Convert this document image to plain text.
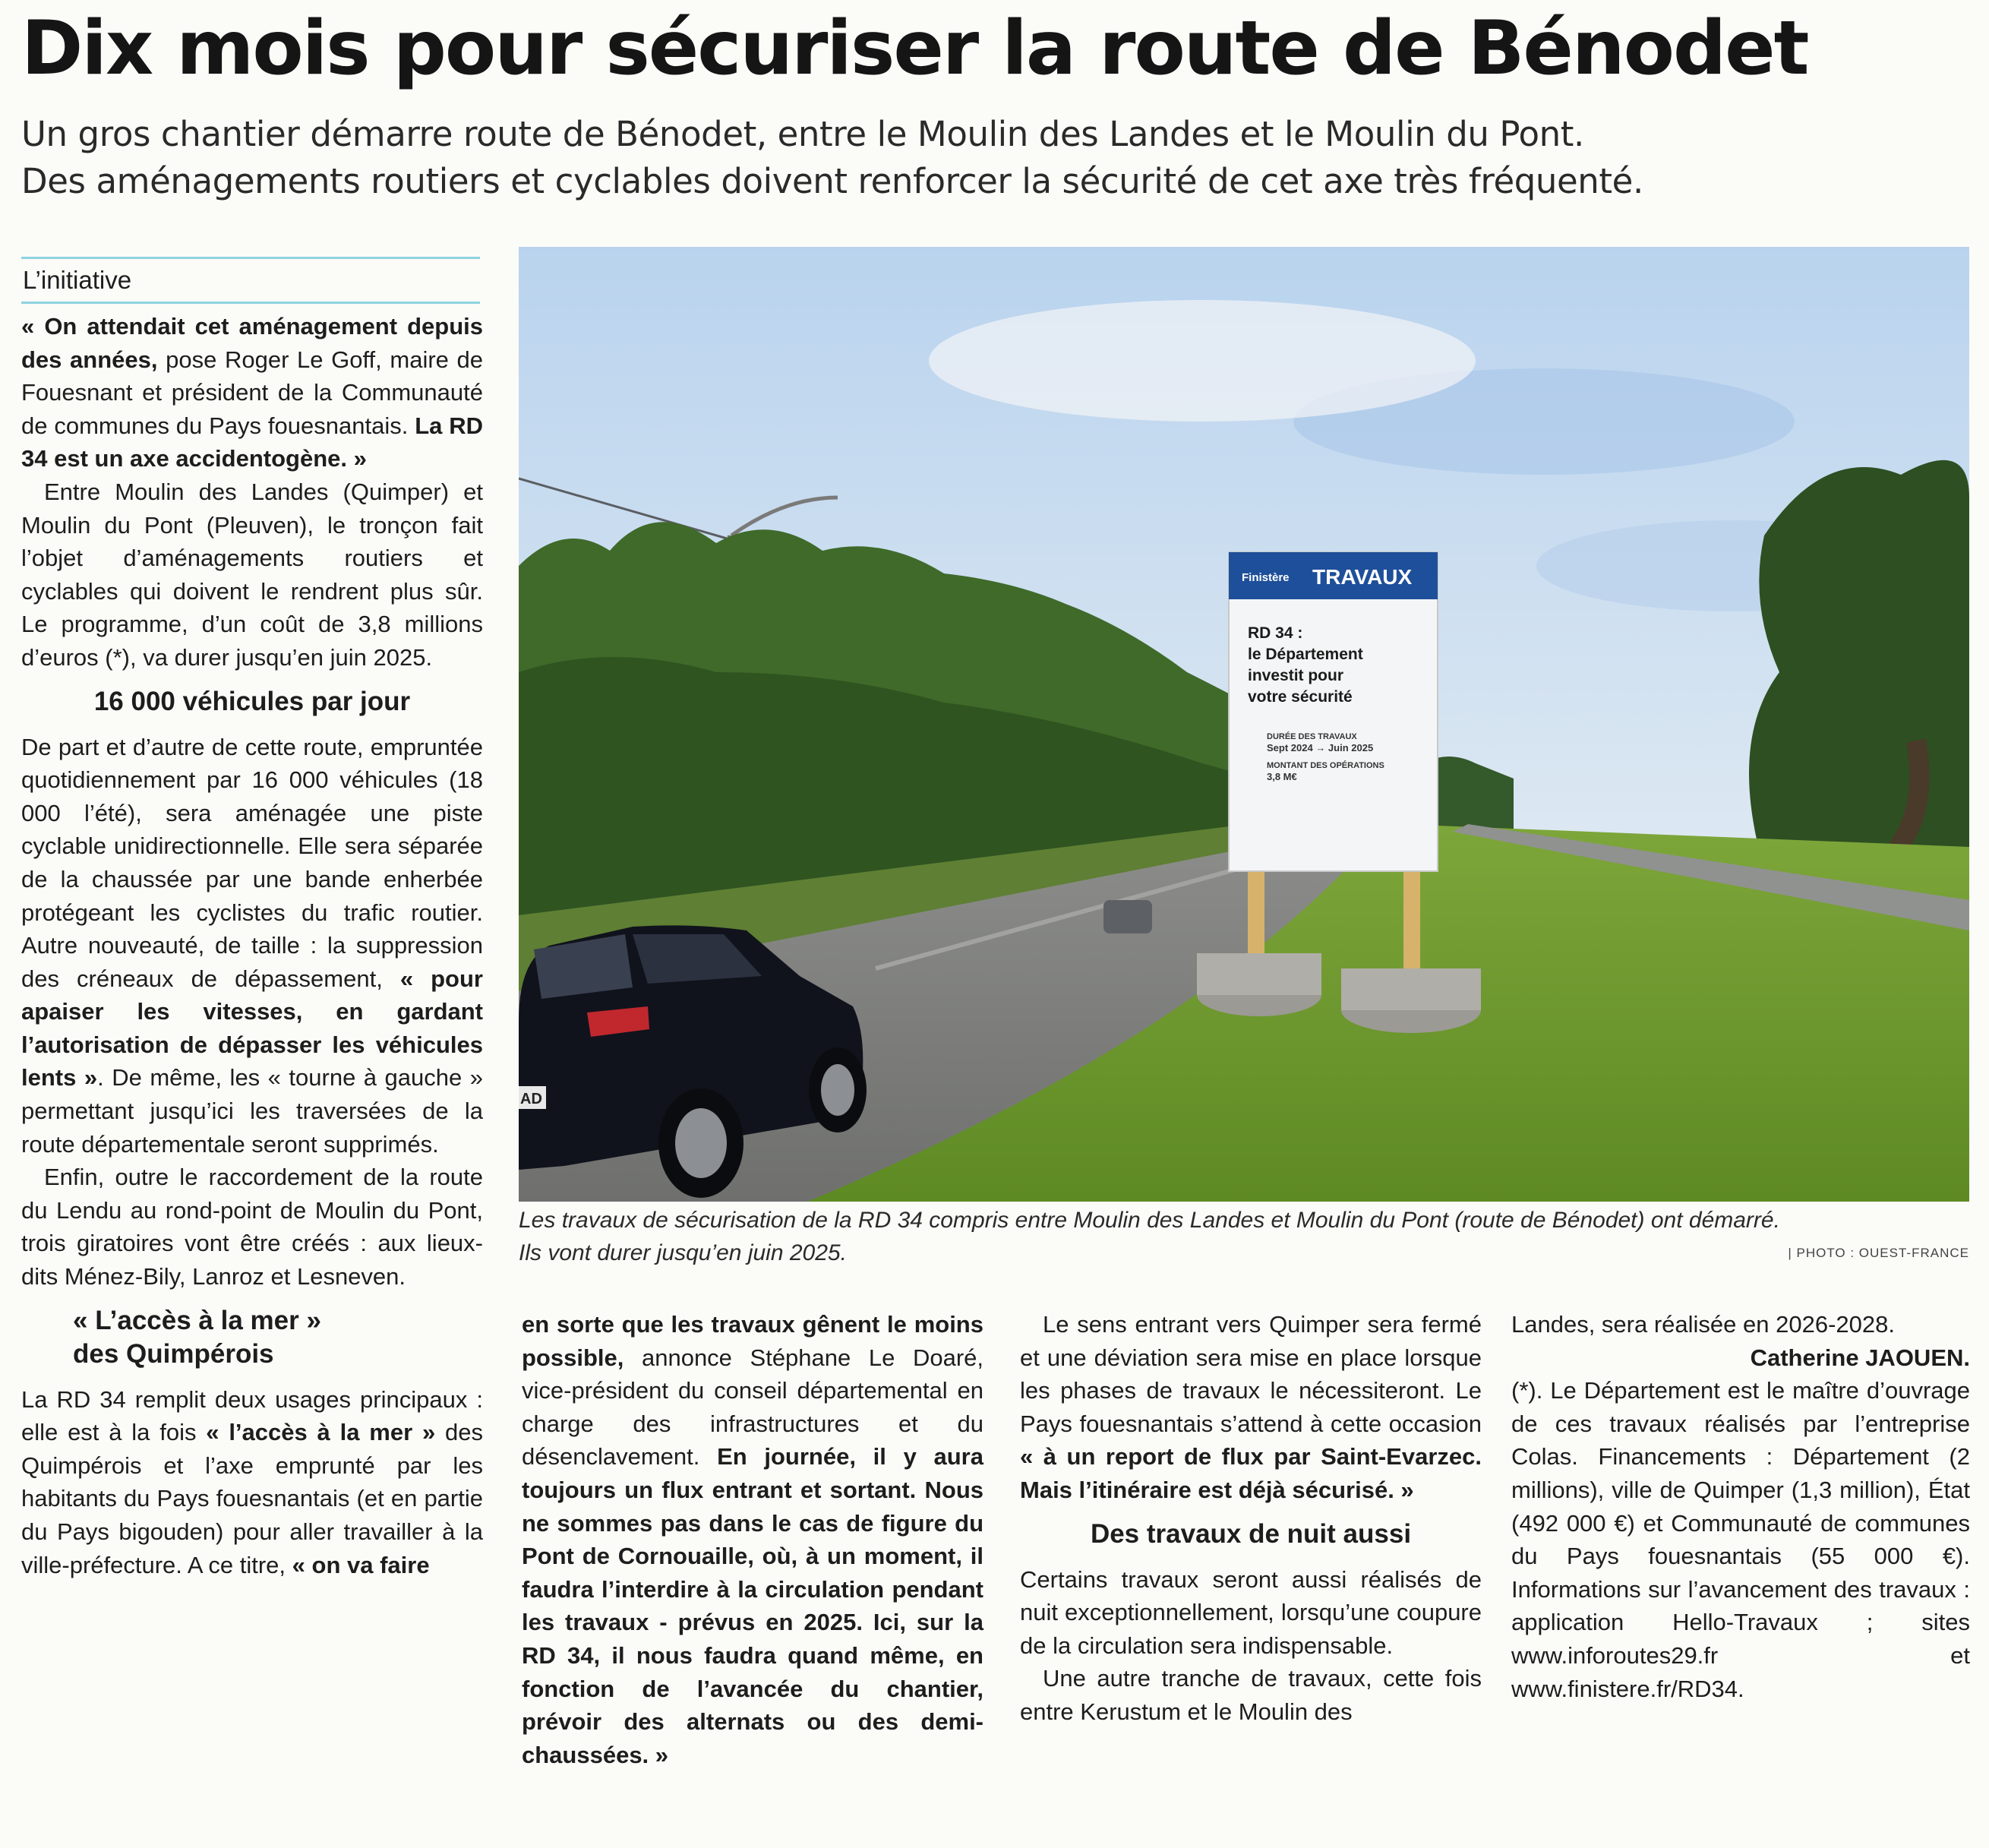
Dix mois pour sécuriser la route de Bénodet
Un gros chantier démarre route de Bénodet, entre le Moulin des Landes et le Moulin du Pont.
Des aménagements routiers et cyclables doivent renforcer la sécurité de cet axe très fréquenté.
L’initiative

« On attendait cet aménagement depuis des années, pose Roger Le Goff, maire de Fouesnant et président de la Communauté de communes du Pays fouesnantais. La RD 34 est un axe accidentogène. »

Entre Moulin des Landes (Quimper) et Moulin du Pont (Pleuven), le tronçon fait l’objet d’aménagements routiers et cyclables qui doivent le rendrent plus sûr. Le programme, d’un coût de 3,8 millions d’euros (*), va durer jusqu’en juin 2025.

16 000 véhicules par jour

De part et d’autre de cette route, empruntée quotidiennement par 16 000 véhicules (18 000 l’été), sera aménagée une piste cyclable unidirectionnelle. Elle sera séparée de la chaussée par une bande enherbée protégeant les cyclistes du trafic routier. Autre nouveauté, de taille : la suppression des créneaux de dépassement, « pour apaiser les vitesses, en gardant l’autorisation de dépasser les véhicules lents ». De même, les « tourne à gauche » permettant jusqu’ici les traversées de la route départementale seront supprimés.

Enfin, outre le raccordement de la route du Lendu au rond-point de Moulin du Pont, trois giratoires vont être créés : aux lieux-dits Ménez-Bily, Lanroz et Lesneven.

« L’accès à la mer »
des Quimpérois

La RD 34 remplit deux usages principaux : elle est à la fois « l’accès à la mer » des Quimpérois et l’axe emprunté par les habitants du Pays fouesnantais (et en partie du Pays bigouden) pour aller travailler à la ville-préfecture. A ce titre, « on va faire

AD
Finistère TRAVAUX
RD 34 :
le Département
investit pour
votre sécurité
DURÉE DES TRAVAUX
Sept 2024 → Juin 2025
MONTANT DES OPÉRATIONS
3,8 M€
Les travaux de sécurisation de la RD 34 compris entre Moulin des Landes et Moulin du Pont (route de Bénodet) ont démarré.
Ils vont durer jusqu’en juin 2025.	| PHOTO : OUEST-FRANCE

en sorte que les travaux gênent le moins possible, annonce Stéphane Le Doaré, vice-président du conseil départemental en charge des infrastructures et du désenclavement. En journée, il y aura toujours un flux entrant et sortant. Nous ne sommes pas dans le cas de figure du Pont de Cornouaille, où, à un moment, il faudra l’interdire à la circulation pendant les travaux - prévus en 2025. Ici, sur la RD 34, il nous faudra quand même, en fonction de l’avancée du chantier, prévoir des alternats ou des demi-chaussées. »

Le sens entrant vers Quimper sera fermé et une déviation sera mise en place lorsque les phases de travaux le nécessiteront. Le Pays fouesnantais s’attend à cette occasion « à un report de flux par Saint-Evarzec. Mais l’itinéraire est déjà sécurisé. »

Des travaux de nuit aussi

Certains travaux seront aussi réalisés de nuit exceptionnellement, lorsqu’une coupure de la circulation sera indispensable.

Une autre tranche de travaux, cette fois entre Kerustum et le Moulin des

Landes, sera réalisée en 2026-2028.

Catherine JAOUEN.

(*). Le Département est le maître d’ouvrage de ces travaux réalisés par l’entreprise Colas. Financements : Département (2 millions), ville de Quimper (1,3 million), État (492 000 €) et Communauté de communes du Pays fouesnantais (55 000 €). Informations sur l’avancement des travaux : application Hello-Travaux ; sites www.inforoutes29.fr et www.finistere.fr/RD34.
